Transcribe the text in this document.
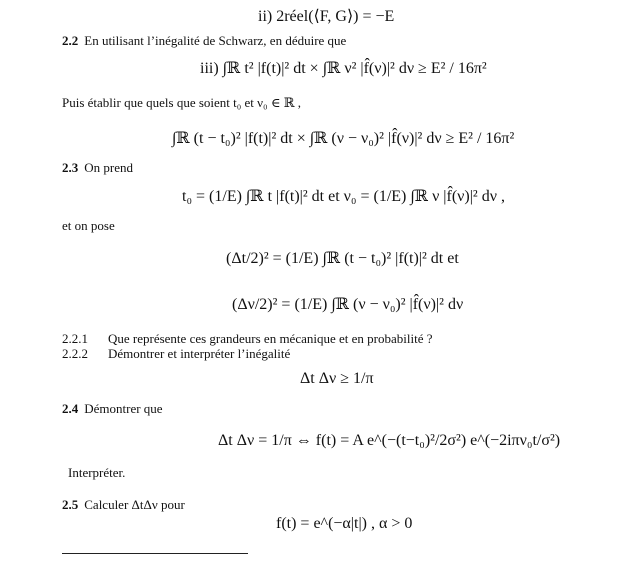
ii) 2réel(⟨F, G⟩) = −E
2.2 En utilisant l’inégalité de Schwarz, en déduire que
iii) ∫ℝ t² |f(t)|² dt × ∫ℝ ν² |f̂(ν)|² dν ≥ E² / 16π²
Puis établir que quels que soient t₀ et ν₀ ∈ ℝ ,
∫ℝ (t − t₀)² |f(t)|² dt × ∫ℝ (ν − ν₀)² |f̂(ν)|² dν ≥ E² / 16π²
2.3 On prend
t₀ = (1/E) ∫ℝ t |f(t)|² dt et ν₀ = (1/E) ∫ℝ ν |f̂(ν)|² dν ,
et on pose
(Δt/2)² = (1/E) ∫ℝ (t − t₀)² |f(t)|² dt et
(Δν/2)² = (1/E) ∫ℝ (ν − ν₀)² |f̂(ν)|² dν
2.2.1 Que représente ces grandeurs en mécanique et en probabilité ?
2.2.2 Démontrer et interpréter l’inégalité
Δt Δν ≥ 1/π
2.4 Démontrer que
Δt Δν = 1/π ⇔ f(t) = A e^(−(t−t₀)²/2σ²) e^(−2iπν₀t/σ²)
Interpréter.
2.5 Calculer ΔtΔν pour
f(t) = e^(−α|t|) , α > 0
